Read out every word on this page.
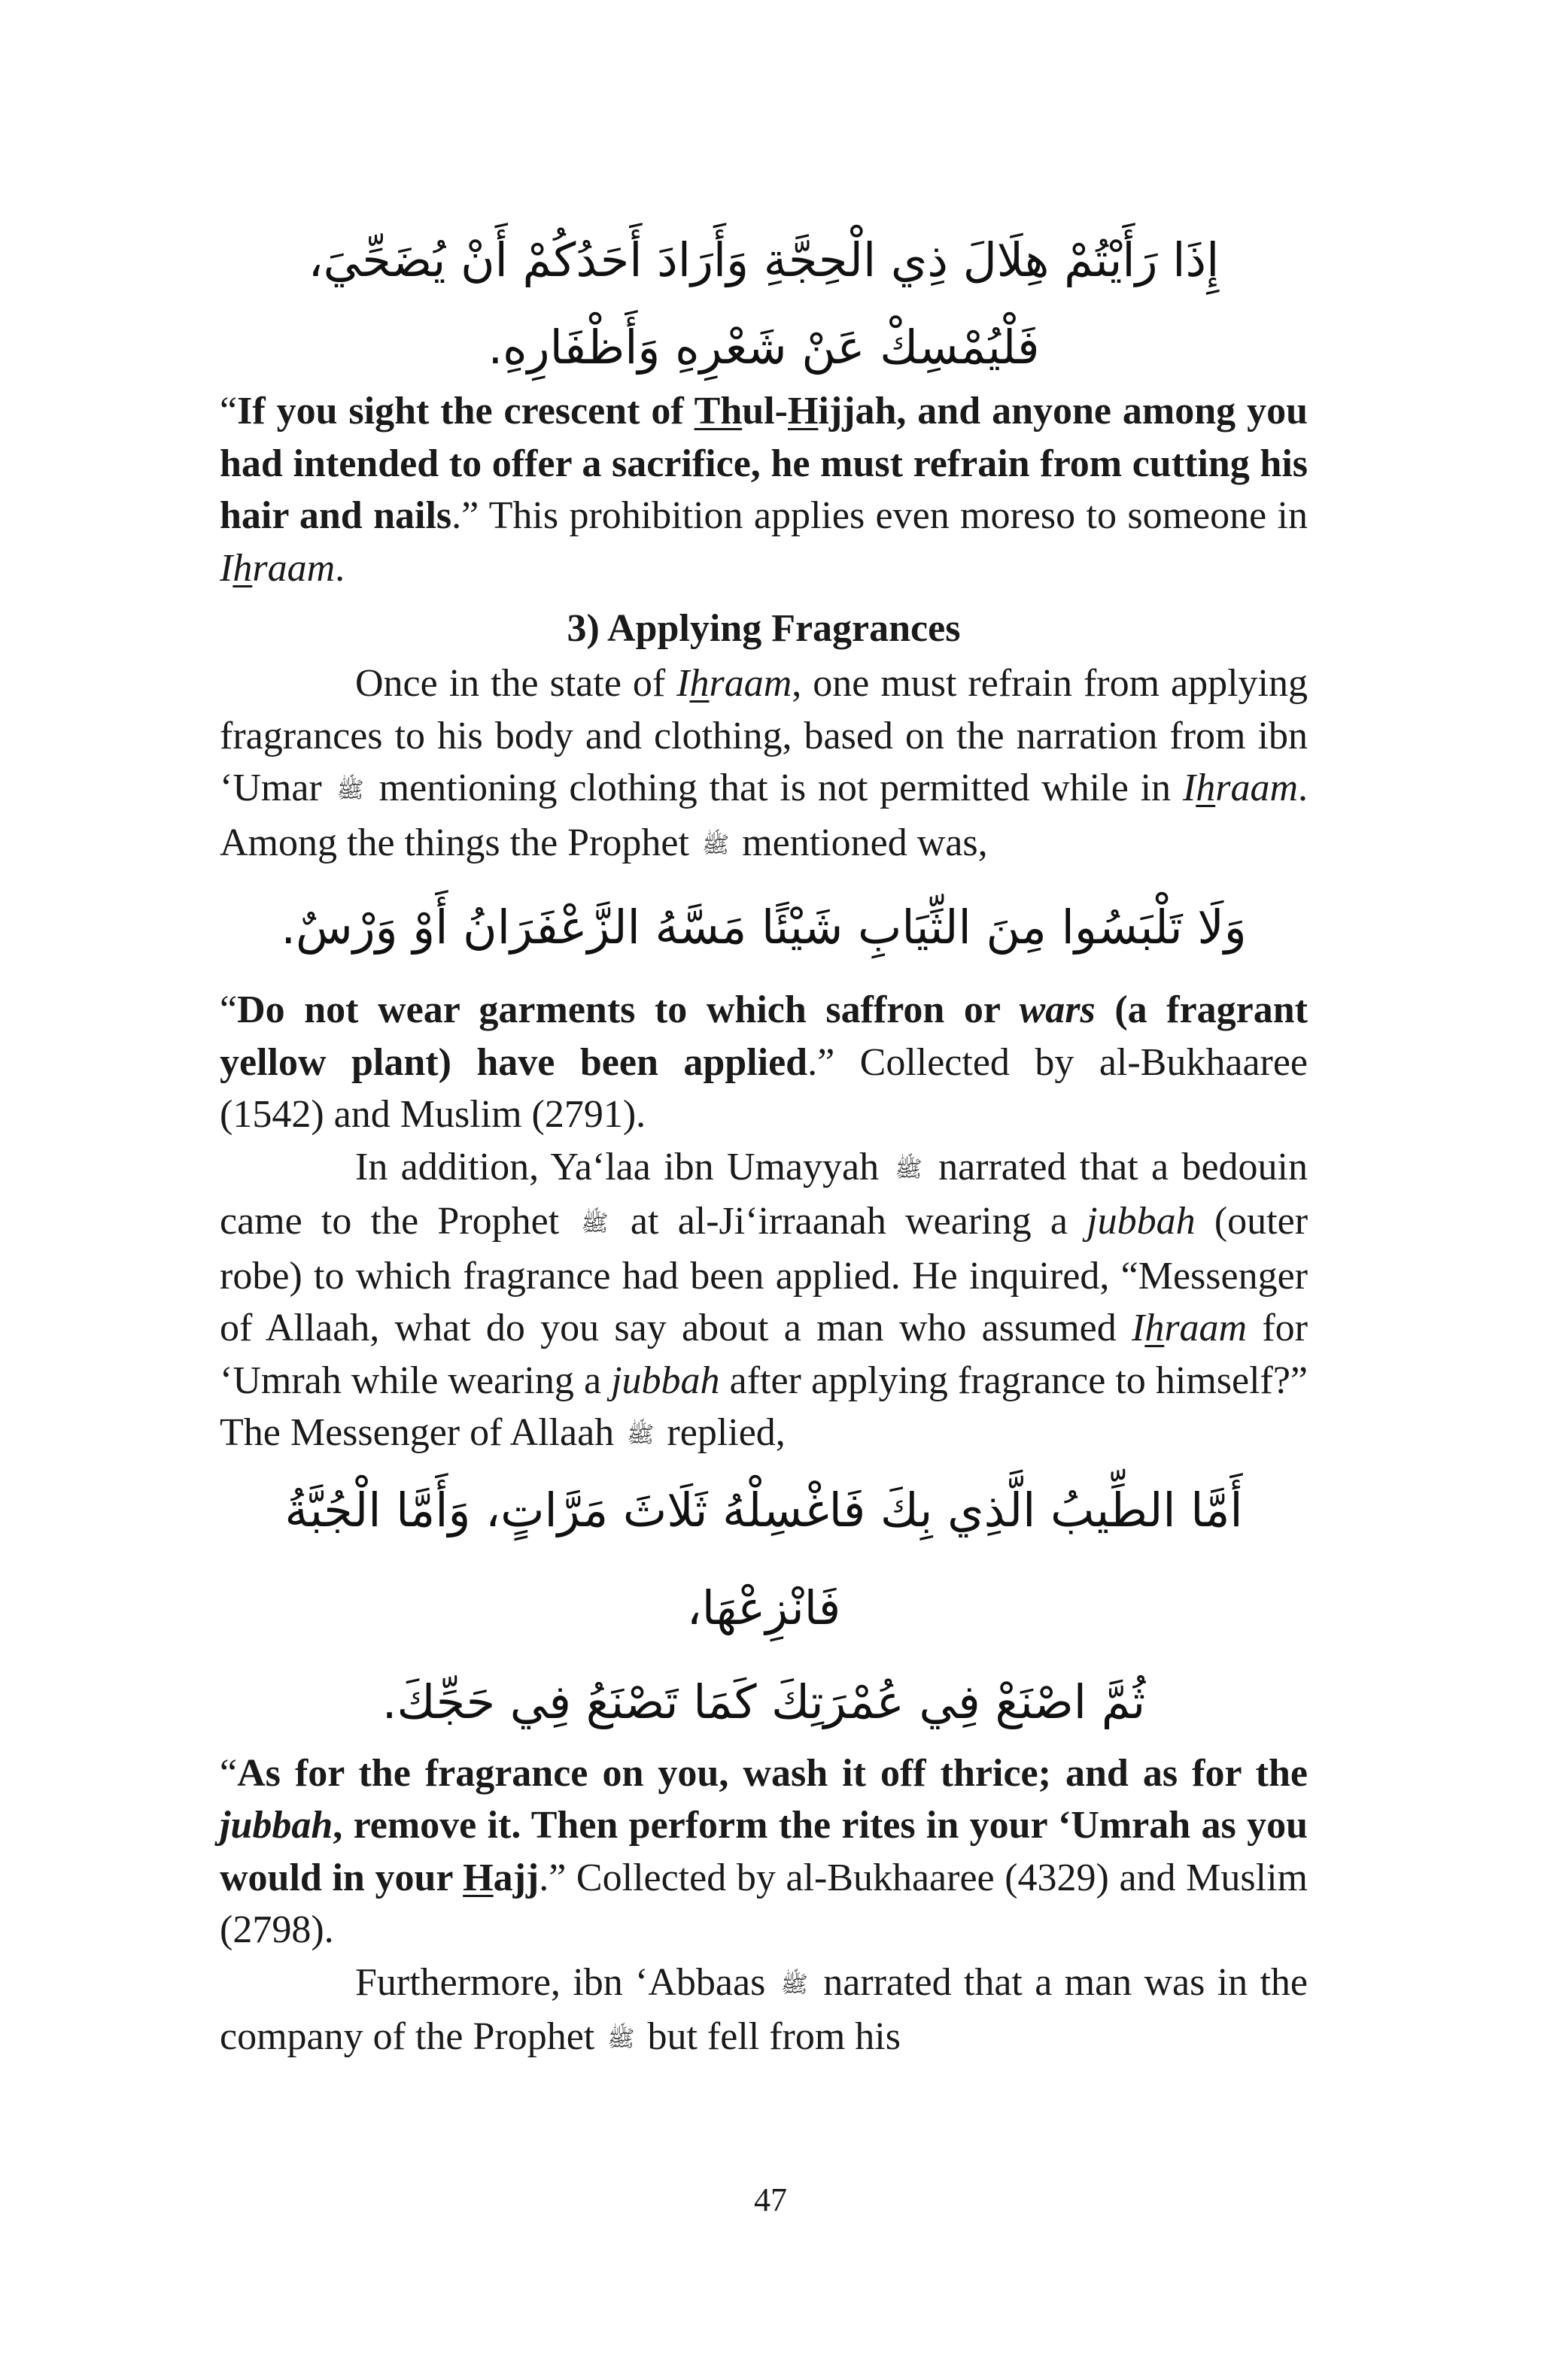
إِذَا رَأَيْتُمْ هِلَالَ ذِي الْحِجَّةِ وَأَرَادَ أَحَدُكُمْ أَنْ يُضَحِّيَ،

فَلْيُمْسِكْ عَنْ شَعْرِهِ وَأَظْفَارِهِ.

“If you sight the crescent of Thul-Hijjah, and anyone among you had intended to offer a sacrifice, he must refrain from cutting his hair and nails.” This prohibition applies even moreso to someone in Ihraam.

3) Applying Fragrances

Once in the state of Ihraam, one must refrain from applying fragrances to his body and clothing, based on the narration from ibn ‘Umar ﷺ mentioning clothing that is not permitted while in Ihraam. Among the things the Prophet ﷺ mentioned was,

وَلَا تَلْبَسُوا مِنَ الثِّيَابِ شَيْئًا مَسَّهُ الزَّعْفَرَانُ أَوْ وَرْسٌ.

“Do not wear garments to which saffron or wars (a fragrant yellow plant) have been applied.” Collected by al-Bukhaaree (1542) and Muslim (2791).

In addition, Ya‘laa ibn Umayyah ﷺ narrated that a bedouin came to the Prophet ﷺ at al-Ji‘irraanah wearing a jubbah (outer robe) to which fragrance had been applied. He inquired, “Messenger of Allaah, what do you say about a man who assumed Ihraam for ‘Umrah while wearing a jubbah after applying fragrance to himself?” The Messenger of Allaah ﷺ replied,

أَمَّا الطِّيبُ الَّذِي بِكَ فَاغْسِلْهُ ثَلَاثَ مَرَّاتٍ، وَأَمَّا الْجُبَّةُ فَانْزِعْهَا،

ثُمَّ اصْنَعْ فِي عُمْرَتِكَ كَمَا تَصْنَعُ فِي حَجِّكَ.

“As for the fragrance on you, wash it off thrice; and as for the jubbah, remove it. Then perform the rites in your ‘Umrah as you would in your Hajj.” Collected by al-Bukhaaree (4329) and Muslim (2798).

Furthermore, ibn ‘Abbaas ﷺ narrated that a man was in the company of the Prophet ﷺ but fell from his

47
